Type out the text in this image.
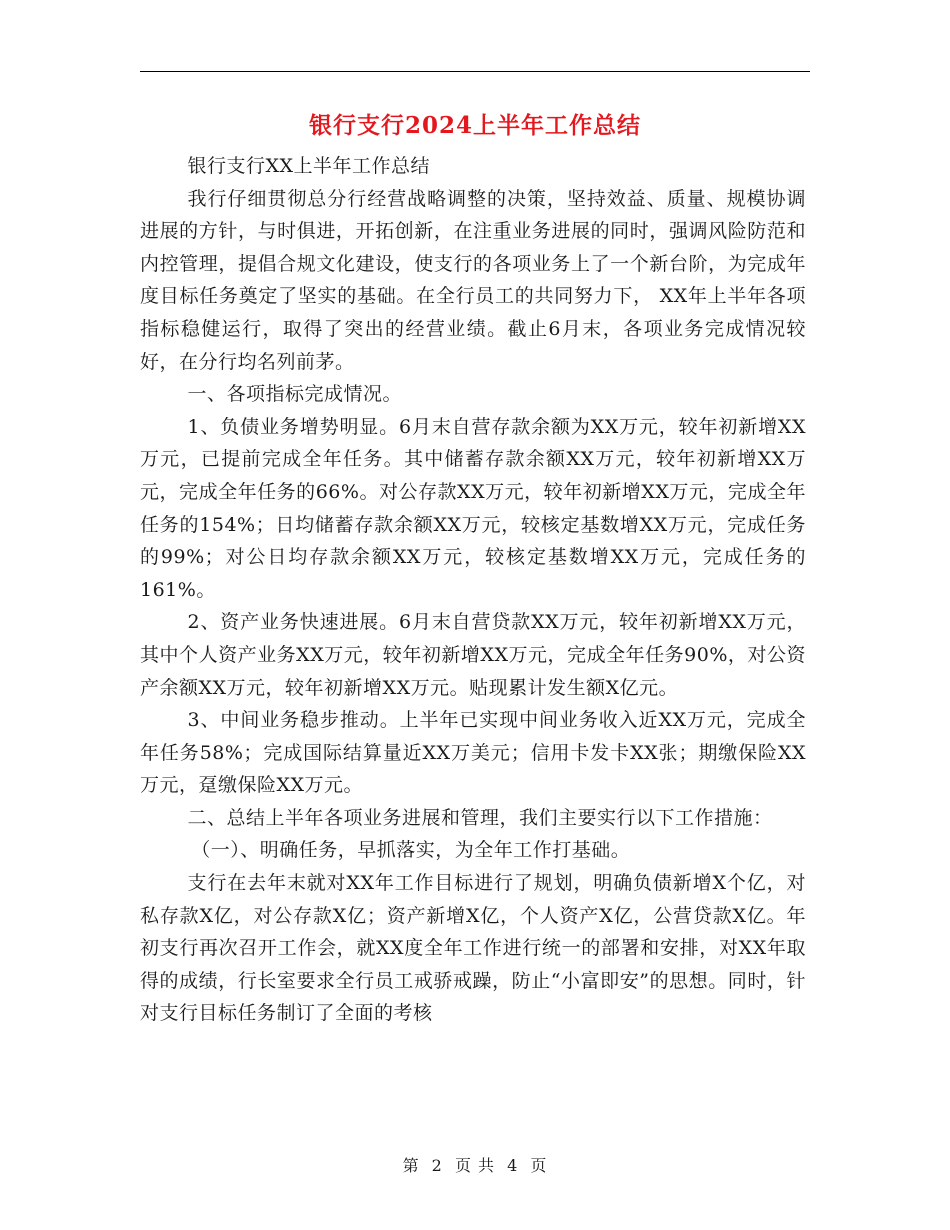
银行支行2024上半年工作总结

银行支行XX上半年工作总结

我行仔细贯彻总分行经营战略调整的决策，坚持效益、质量、规模协调进展的方针，与时俱进，开拓创新，在注重业务进展的同时，强调风险防范和内控管理，提倡合规文化建设，使支行的各项业务上了一个新台阶，为完成年度目标任务奠定了坚实的基础。在全行员工的共同努力下， XX年上半年各项指标稳健运行，取得了突出的经营业绩。截止6月末，各项业务完成情况较好，在分行均名列前茅。

一、各项指标完成情况。

1、负债业务增势明显。6月末自营存款余额为XX万元，较年初新增XX万元，已提前完成全年任务。其中储蓄存款余额XX万元，较年初新增XX万元，完成全年任务的66%。对公存款XX万元，较年初新增XX万元，完成全年任务的154%；日均储蓄存款余额XX万元，较核定基数增XX万元，完成任务的99%；对公日均存款余额XX万元，较核定基数增XX万元，完成任务的161%。

2、资产业务快速进展。6月末自营贷款XX万元，较年初新增XX万元，其中个人资产业务XX万元，较年初新增XX万元，完成全年任务90%，对公资产余额XX万元，较年初新增XX万元。贴现累计发生额X亿元。

3、中间业务稳步推动。上半年已实现中间业务收入近XX万元，完成全年任务58%；完成国际结算量近XX万美元；信用卡发卡XX张；期缴保险XX万元，趸缴保险XX万元。

二、总结上半年各项业务进展和管理，我们主要实行以下工作措施：

（一）、明确任务，早抓落实，为全年工作打基础。

支行在去年末就对XX年工作目标进行了规划，明确负债新增X个亿，对私存款X亿，对公存款X亿；资产新增X亿，个人资产X亿，公营贷款X亿。年初支行再次召开工作会，就XX度全年工作进行统一的部署和安排，对XX年取得的成绩，行长室要求全行员工戒骄戒躁，防止“小富即安”的思想。同时，针对支行目标任务制订了全面的考核

第 2 页 共 4 页
